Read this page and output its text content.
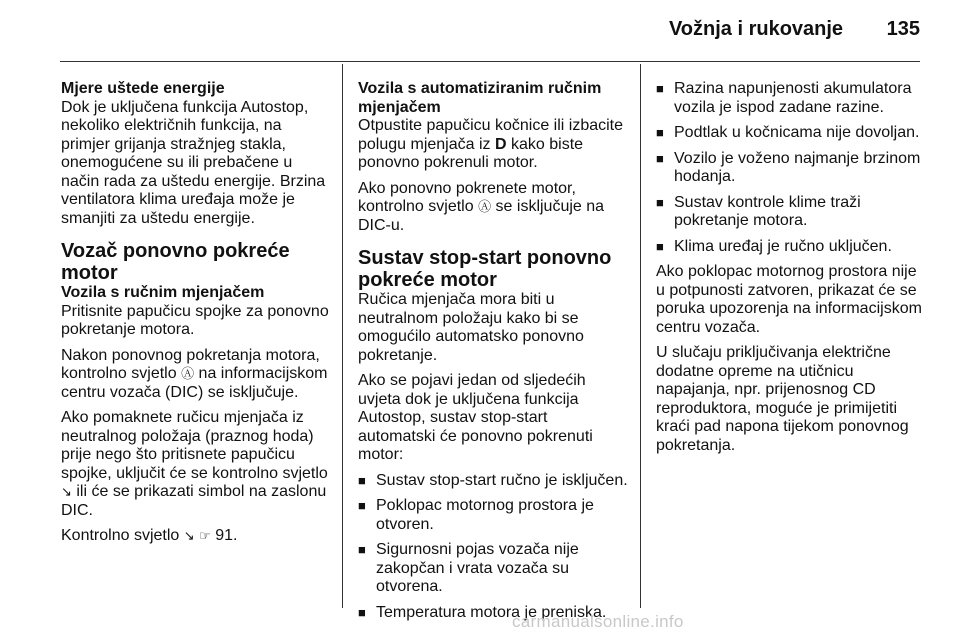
Vožnja i rukovanje 135
Mjere uštede energije

Dok je uključena funkcija Autostop, nekoliko električnih funkcija, na primjer grijanja stražnjeg stakla, onemogućene su ili prebačene u način rada za uštedu energije. Brzina ventilatora klima uređaja može je smanjiti za uštedu energije.

Vozač ponovno pokreće motor
Vozila s ručnim mjenjačem

Pritisnite papučicu spojke za ponovno pokretanje motora.

Nakon ponovnog pokretanja motora, kontrolno svjetlo Ⓐ na informacijskom centru vozača (DIC) se isključuje.

Ako pomaknete ručicu mjenjača iz neutralnog položaja (praznog hoda) prije nego što pritisnete papučicu spojke, uključit će se kontrolno svjetlo ↘ ili će se prikazati simbol na zaslonu DIC.

Kontrolno svjetlo ↘ ☞ 91.

Vozila s automatiziranim ručnim mjenjačem

Otpustite papučicu kočnice ili izbacite polugu mjenjača iz D kako biste ponovno pokrenuli motor.

Ako ponovno pokrenete motor, kontrolno svjetlo Ⓐ se isključuje na DIC-u.

Sustav stop-start ponovno pokreće motor

Ručica mjenjača mora biti u neutralnom položaju kako bi se omogućilo automatsko ponovno pokretanje.

Ako se pojavi jedan od sljedećih uvjeta dok je uključena funkcija Autostop, sustav stop-start automatski će ponovno pokrenuti motor:

■ Sustav stop-start ručno je isključen.
■ Poklopac motornog prostora je otvoren.
■ Sigurnosni pojas vozača nije zakopčan i vrata vozača su otvorena.
■ Temperatura motora je preniska.
■ Razina napunjenosti akumulatora vozila je ispod zadane razine.
■ Podtlak u kočnicama nije dovoljan.
■ Vozilo je voženo najmanje brzinom hodanja.
■ Sustav kontrole klime traži pokretanje motora.
■ Klima uređaj je ručno uključen.

Ako poklopac motornog prostora nije u potpunosti zatvoren, prikazat će se poruka upozorenja na informacijskom centru vozača.

U slučaju priključivanja električne dodatne opreme na utičnicu napajanja, npr. prijenosnog CD reproduktora, moguće je primijetiti kraći pad napona tijekom ponovnog pokretanja.

carmanualsonline.info
